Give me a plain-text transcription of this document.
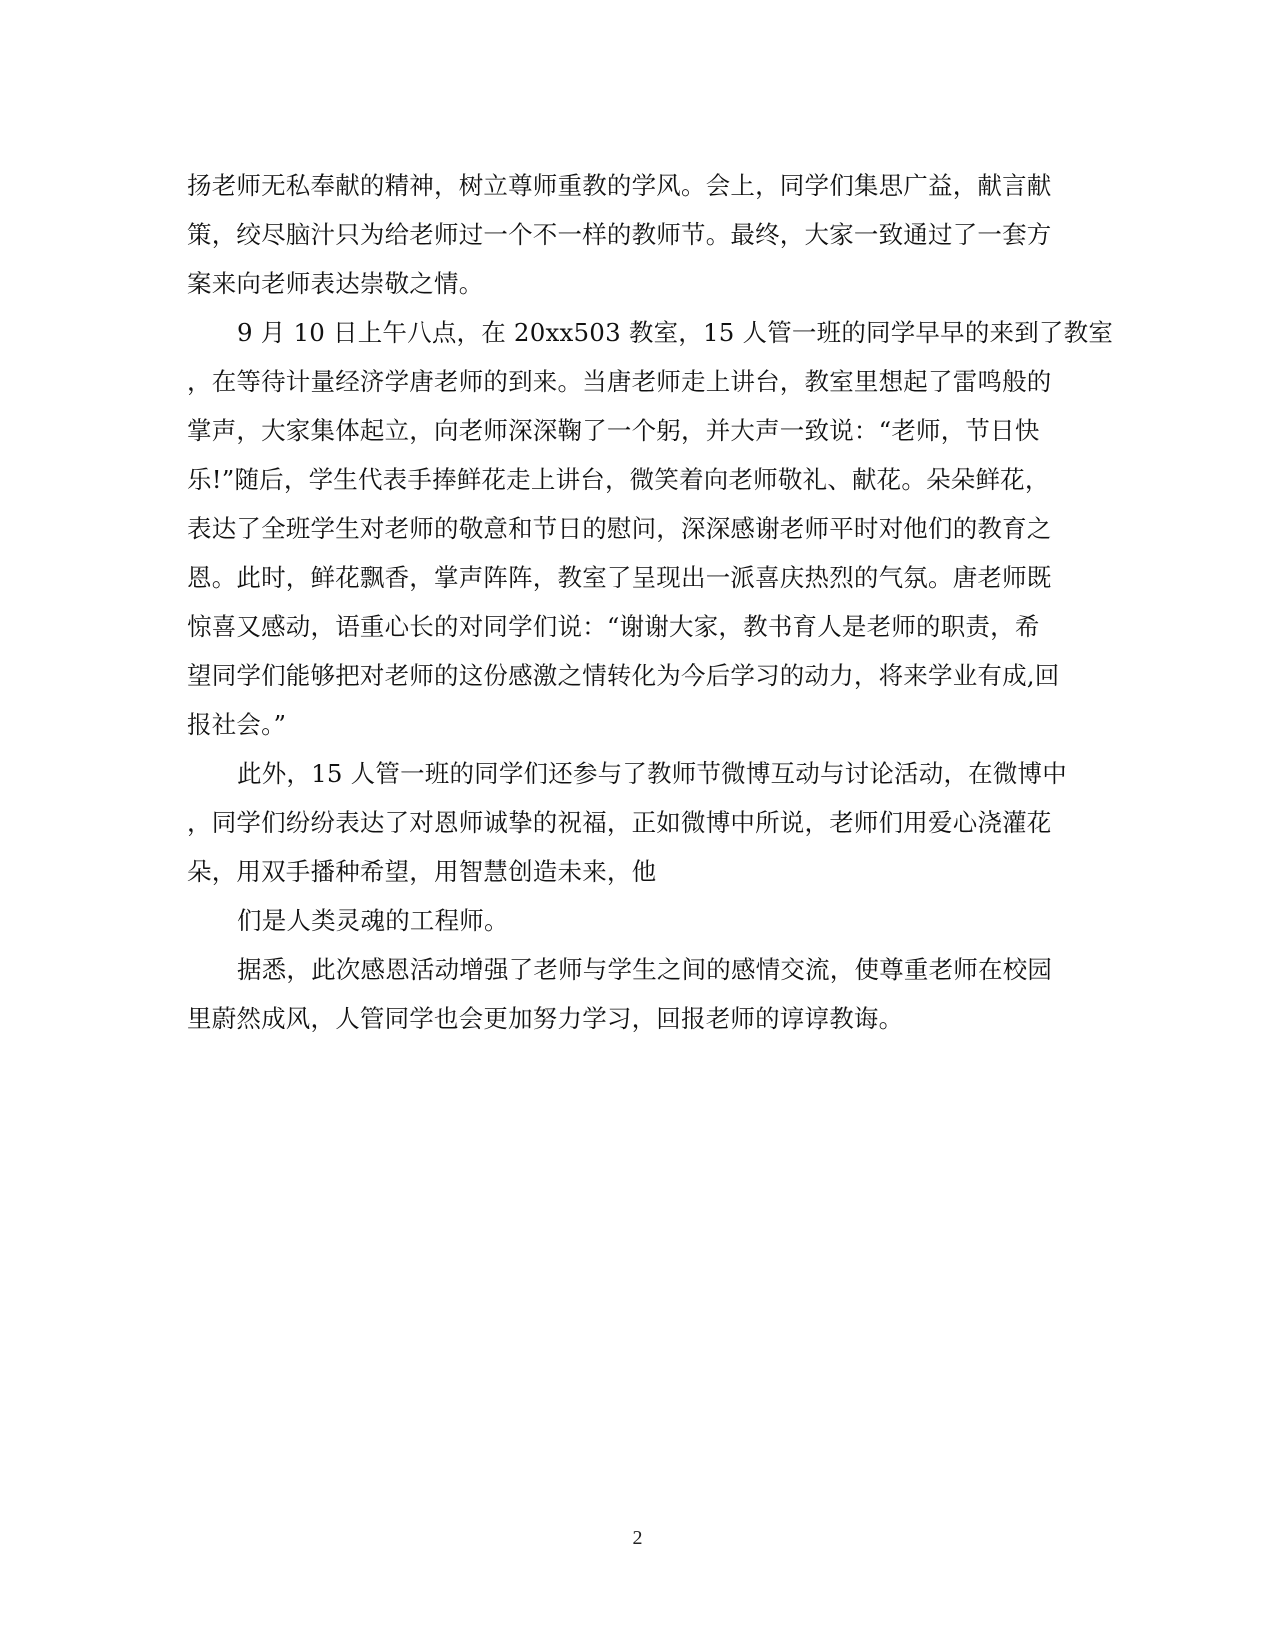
扬老师无私奉献的精神，树立尊师重教的学风。会上，同学们集思广益，献言献
策，绞尽脑汁只为给老师过一个不一样的教师节。最终，大家一致通过了一套方
案来向老师表达崇敬之情。
9 月 10 日上午八点，在 20xx503 教室，15 人管一班的同学早早的来到了教室
，在等待计量经济学唐老师的到来。当唐老师走上讲台，教室里想起了雷鸣般的
掌声，大家集体起立，向老师深深鞠了一个躬，并大声一致说：“老师，节日快
乐!”随后，学生代表手捧鲜花走上讲台，微笑着向老师敬礼、献花。朵朵鲜花，
表达了全班学生对老师的敬意和节日的慰问，深深感谢老师平时对他们的教育之
恩。此时，鲜花飘香，掌声阵阵，教室了呈现出一派喜庆热烈的气氛。唐老师既
惊喜又感动，语重心长的对同学们说：“谢谢大家，教书育人是老师的职责，希
望同学们能够把对老师的这份感激之情转化为今后学习的动力，将来学业有成,回
报社会。”
此外，15 人管一班的同学们还参与了教师节微博互动与讨论活动，在微博中
，同学们纷纷表达了对恩师诚挚的祝福，正如微博中所说，老师们用爱心浇灌花
朵，用双手播种希望，用智慧创造未来，他
们是人类灵魂的工程师。
据悉，此次感恩活动增强了老师与学生之间的感情交流，使尊重老师在校园
里蔚然成风，人管同学也会更加努力学习，回报老师的谆谆教诲。
2
